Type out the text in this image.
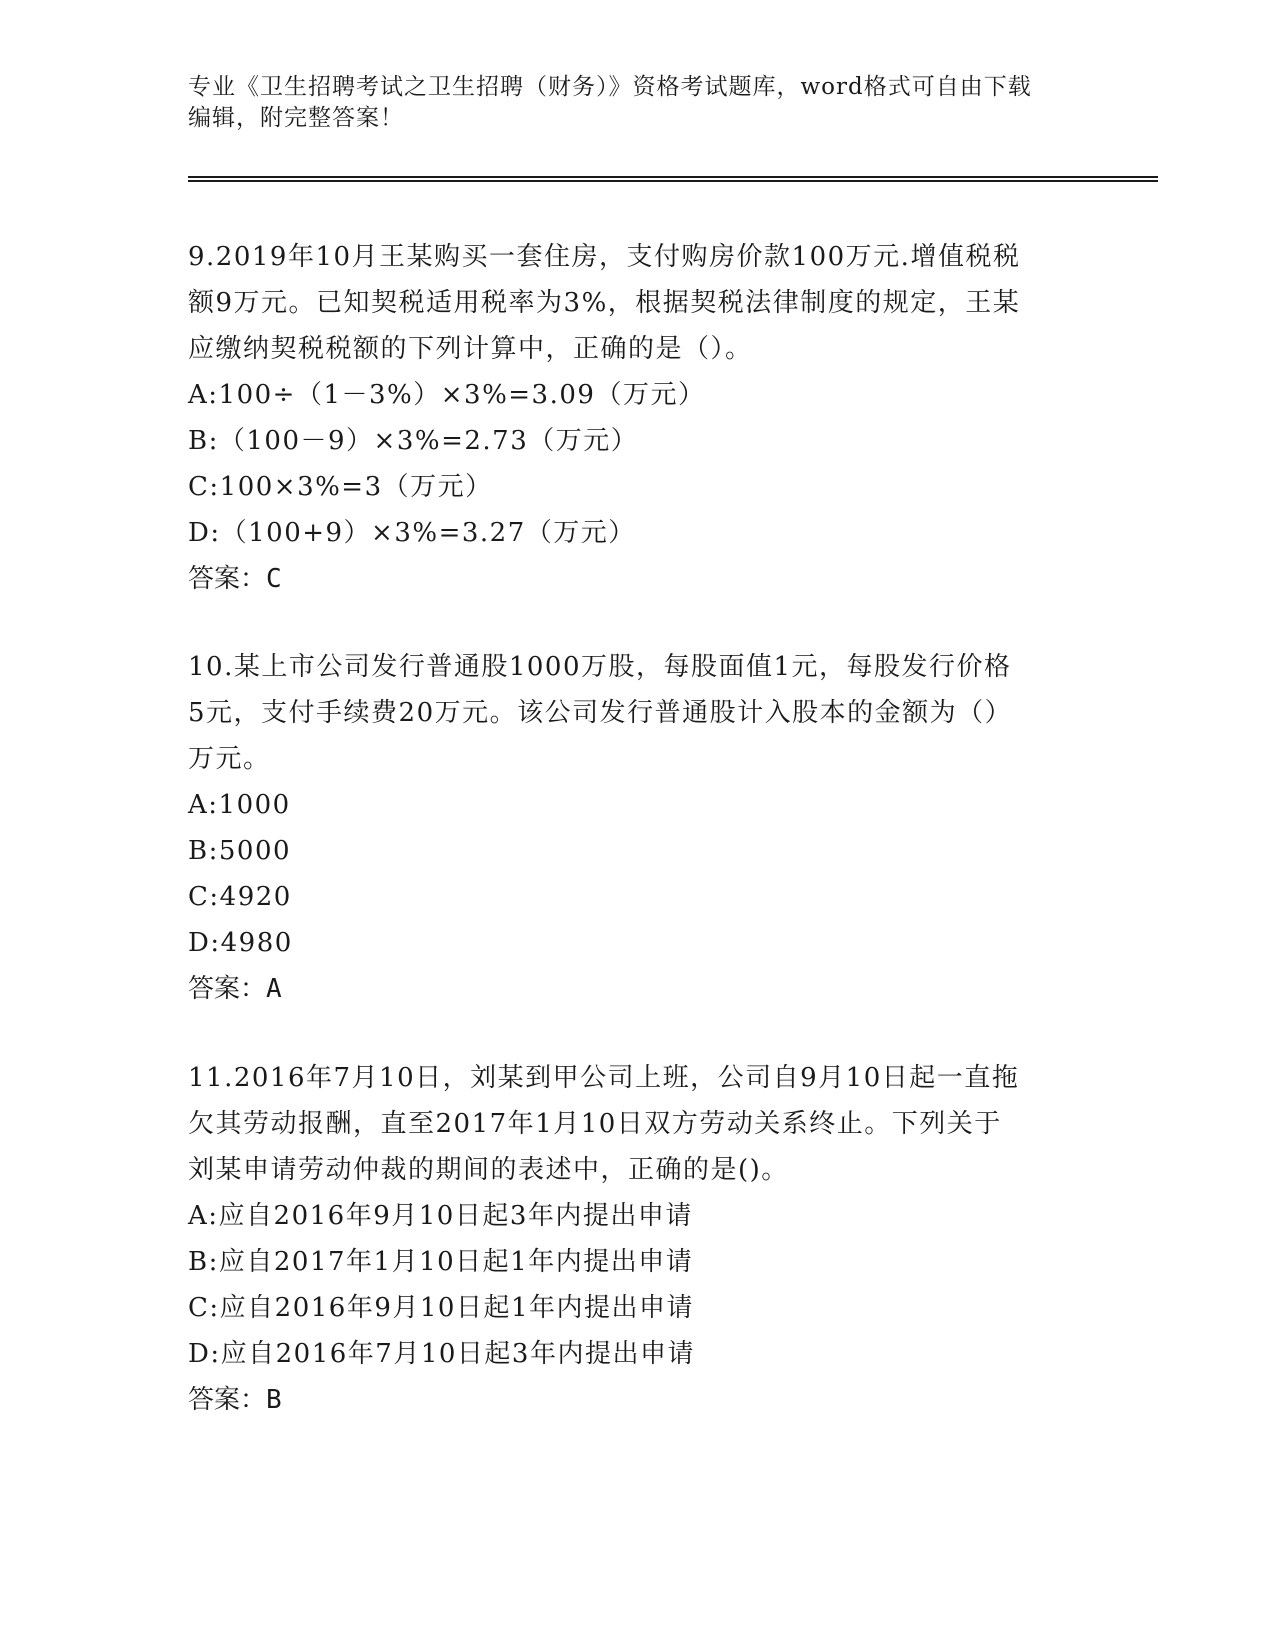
专业《卫生招聘考试之卫生招聘（财务）》资格考试题库，word格式可自由下载
编辑，附完整答案！
9.2019年10月王某购买一套住房，支付购房价款100万元.增值税税
额9万元。已知契税适用税率为3%，根据契税法律制度的规定，王某
应缴纳契税税额的下列计算中，正确的是（）。
A:100÷（1－3%）×3%=3.09（万元）
B:（100－9）×3%=2.73（万元）
C:100×3%=3（万元）
D:（100+9）×3%=3.27（万元）
答案：C
10.某上市公司发行普通股1000万股，每股面值1元，每股发行价格
5元，支付手续费20万元。该公司发行普通股计入股本的金额为（）
万元。
A:1000
B:5000
C:4920
D:4980
答案：A
11.2016年7月10日，刘某到甲公司上班，公司自9月10日起一直拖
欠其劳动报酬，直至2017年1月10日双方劳动关系终止。下列关于
刘某申请劳动仲裁的期间的表述中，正确的是()。
A:应自2016年9月10日起3年内提出申请
B:应自2017年1月10日起1年内提出申请
C:应自2016年9月10日起1年内提出申请
D:应自2016年7月10日起3年内提出申请
答案：B
